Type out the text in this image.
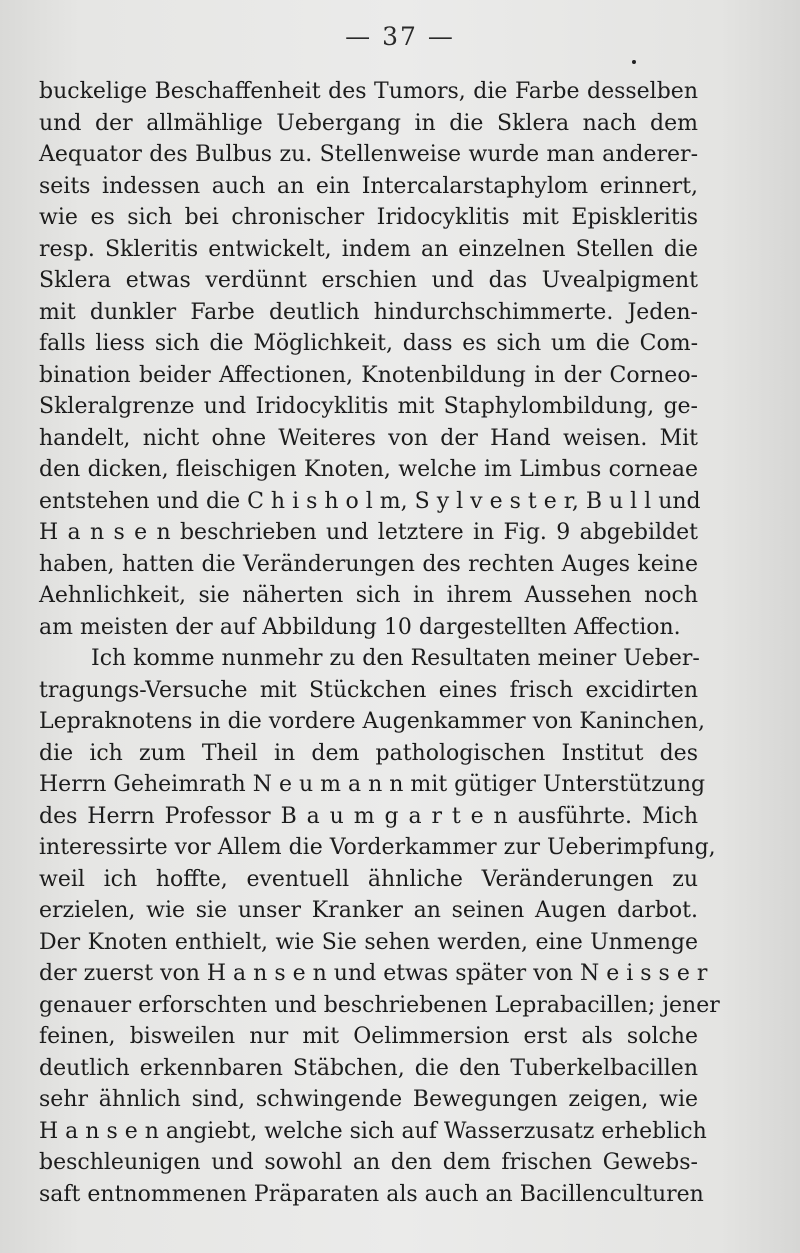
— 37 —
buckelige Beschaffenheit des Tumors, die Farbe desselben
und der allmählige Uebergang in die Sklera nach dem
Aequator des Bulbus zu. Stellenweise wurde man anderer-
seits indessen auch an ein Intercalarstaphylom erinnert,
wie es sich bei chronischer Iridocyklitis mit Episkleritis
resp. Skleritis entwickelt, indem an einzelnen Stellen die
Sklera etwas verdünnt erschien und das Uvealpigment
mit dunkler Farbe deutlich hindurchschimmerte. Jeden-
falls liess sich die Möglichkeit, dass es sich um die Com-
bination beider Affectionen, Knotenbildung in der Corneo-
Skleralgrenze und Iridocyklitis mit Staphylombildung, ge-
handelt, nicht ohne Weiteres von der Hand weisen. Mit
den dicken, fleischigen Knoten, welche im Limbus corneae
entstehen und die C h i s h o l m, S y l v e s t e r, B u l l und
H a n s e n beschrieben und letztere in Fig. 9 abgebildet
haben, hatten die Veränderungen des rechten Auges keine
Aehnlichkeit, sie näherten sich in ihrem Aussehen noch
am meisten der auf Abbildung 10 dargestellten Affection.
Ich komme nunmehr zu den Resultaten meiner Ueber-
tragungs-Versuche mit Stückchen eines frisch excidirten
Lepraknotens in die vordere Augenkammer von Kaninchen,
die ich zum Theil in dem pathologischen Institut des
Herrn Geheimrath N e u m a n n mit gütiger Unterstützung
des Herrn Professor B a u m g a r t e n ausführte. Mich
interessirte vor Allem die Vorderkammer zur Ueberimpfung,
weil ich hoffte, eventuell ähnliche Veränderungen zu
erzielen, wie sie unser Kranker an seinen Augen darbot.
Der Knoten enthielt, wie Sie sehen werden, eine Unmenge
der zuerst von H a n s e n und etwas später von N e i s s e r
genauer erforschten und beschriebenen Leprabacillen; jener
feinen, bisweilen nur mit Oelimmersion erst als solche
deutlich erkennbaren Stäbchen, die den Tuberkelbacillen
sehr ähnlich sind, schwingende Bewegungen zeigen, wie
H a n s e n angiebt, welche sich auf Wasserzusatz erheblich
beschleunigen und sowohl an den dem frischen Gewebs-
saft entnommenen Präparaten als auch an Bacillenculturen
